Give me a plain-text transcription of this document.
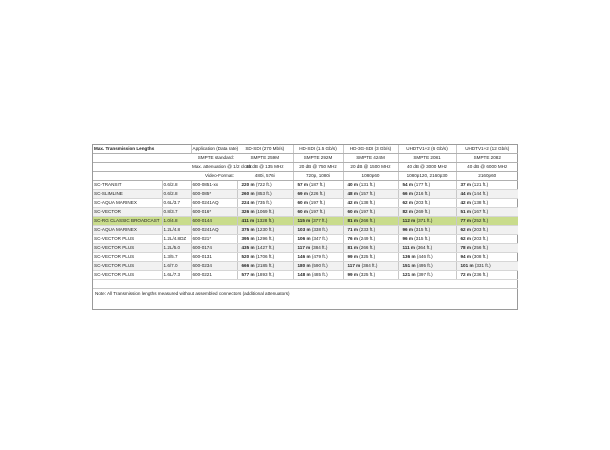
Max. Transmission Lengths		Application (Data rate)	SD-SDI (270 Mb/s)	HD-SDI (1.5 Gb/s)	HD-3G-SDI (3 Gb/s)	UHDTV1+2 (6 Gb/s)	UHDTV1+2 (12 Gb/s)
		SMPTE standard:	SMPTE 259M	SMPTE 292M	SMPTE 424M	SMPTE 2081	SMPTE 2082
		Max. attenuation @ 1/2 clock:	30 dB @ 135 MHz	20 dB @ 750 MHz	20 dB @ 1500 MHz	40 dB @ 3000 MHz	40 dB @ 6000 MHz
		Video-Format:	480i, 576i	720p, 1080i	1080p60	1080p120, 2160p30	2160p60
SC-TRANSIT	0.6/2.8	600-0851-xx	220 m (722 ft.)	57 m (187 ft.)	40 m (131 ft.)	54 m (177 ft.)	37 m (121 ft.)
SC-SLIMLINE	0.6/2.8	600-085*	260 m (853 ft.)	69 m (226 ft.)	48 m (157 ft.)	66 m (216 ft.)	44 m (144 ft.)
SC-AQUA MARINEX	0.6L/3.7	600-0241AQ	224 m (735 ft.)	60 m (197 ft.)	42 m (138 ft.)	62 m (203 ft.)	42 m (138 ft.)
SC-VECTOR	0.8/3.7	600-016*	326 m (1069 ft.)	60 m (197 ft.)	60 m (197 ft.)	82 m (269 ft.)	51 m (167 ft.)
SC-RG CLASSIC BROADCAST	1.0/4.8	600-0144	411 m (1328 ft.)	115 m (377 ft.)	81 m (266 ft.)	112 m (371 ft.)	77 m (252 ft.)
SC-AQUA MARINEX	1.2L/4.8	600-0241AQ	375 m (1230 ft.)	103 m (338 ft.)	71 m (233 ft.)	96 m (315 ft.)	62 m (203 ft.)
SC-VECTOR PLUS	1.2L/4.8DZ	600-021*	395 m (1296 ft.)	106 m (347 ft.)	76 m (249 ft.)	96 m (315 ft.)	62 m (203 ft.)
SC-VECTOR PLUS	1.2L/5.0	600-0174	435 m (1427 ft.)	117 m (384 ft.)	81 m (266 ft.)	111 m (364 ft.)	78 m (256 ft.)
SC-VECTOR PLUS	1.3/5.7	600-0131	520 m (1706 ft.)	146 m (479 ft.)	99 m (325 ft.)	136 m (446 ft.)	94 m (308 ft.)
SC-VECTOR PLUS	1.6/7.0	600-0234	666 m (2185 ft.)	180 m (590 ft.)	117 m (384 ft.)	151 m (495 ft.)	101 m (331 ft.)
SC-VECTOR PLUS	1.6L/7.3	600-0221	577 m (1893 ft.)	148 m (485 ft.)	99 m (325 ft.)	121 m (397 ft.)	72 m (236 ft.)

Note: All Transmission lengths measured without assembled connectors (additional attenuators)
